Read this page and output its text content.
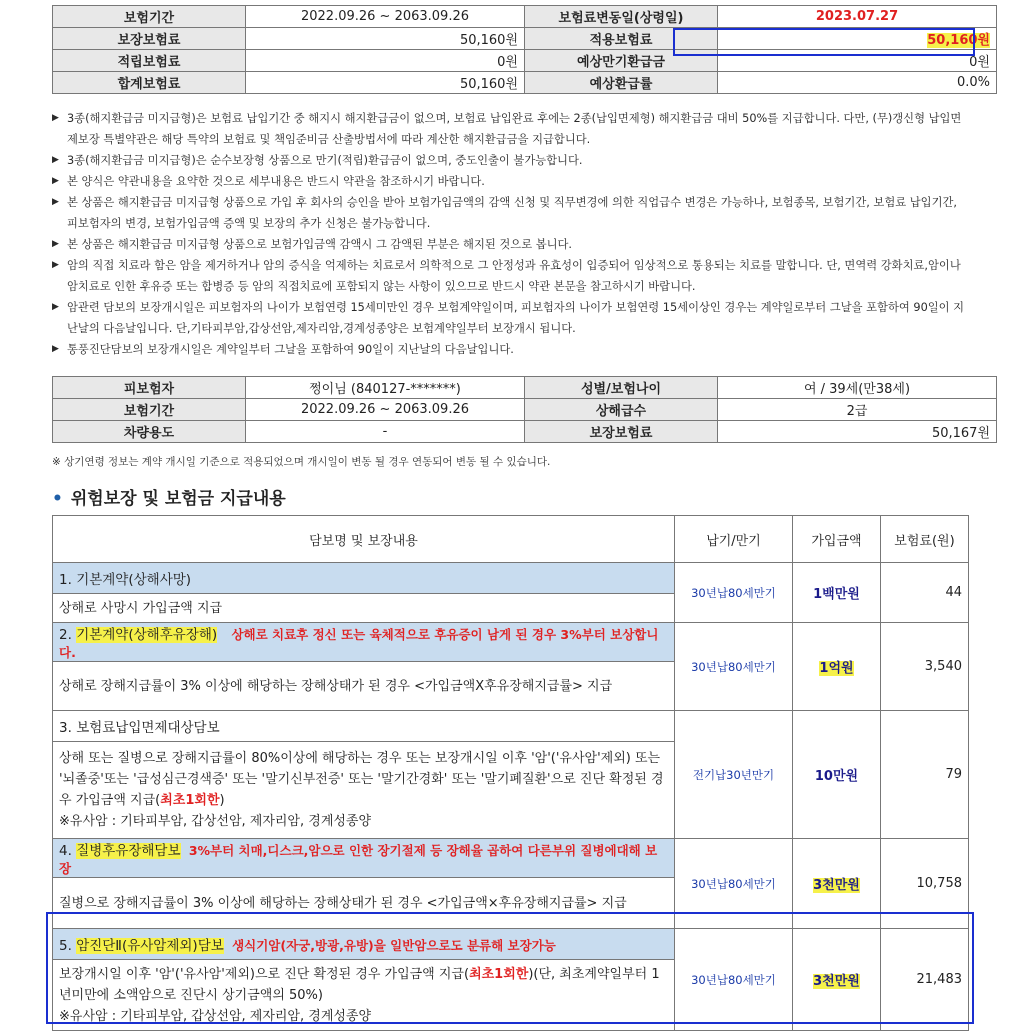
보험기간	2022.09.26 ~ 2063.09.26	보험료변동일(상령일)	2023.07.27
보장보험료	50,160원	적용보험료	50,160원
적립보험료	0원	예상만기환급금	0원
합계보험료	50,160원	예상환급률	0.0%
▶ 3종(해지환급금 미지급형)은 보험료 납입기간 중 해지시 해지환급금이 없으며, 보험료 납입완료 후에는 2종(납입면제형) 해지환급금 대비 50%를 지급합니다. 다만, (무)갱신형 납입면제보장 특별약관은 해당 특약의 보험료 및 책임준비금 산출방법서에 따라 계산한 해지환급금을 지급합니다.
▶ 3종(해지환급금 미지급형)은 순수보장형 상품으로 만기(적립)환급금이 없으며, 중도인출이 불가능합니다.
▶ 본 양식은 약관내용을 요약한 것으로 세부내용은 반드시 약관을 참조하시기 바랍니다.
▶ 본 상품은 해지환급금 미지급형 상품으로 가입 후 회사의 승인을 받아 보험가입금액의 감액 신청 및 직무변경에 의한 직업급수 변경은 가능하나, 보험종목, 보험기간, 보험료 납입기간, 피보험자의 변경, 보험가입금액 증액 및 보장의 추가 신청은 불가능합니다.
▶ 본 상품은 해지환급금 미지급형 상품으로 보험가입금액 감액시 그 감액된 부분은 해지된 것으로 봅니다.
▶ 암의 직접 치료라 함은 암을 제거하거나 암의 증식을 억제하는 치료로서 의학적으로 그 안정성과 유효성이 입증되어 임상적으로 통용되는 치료를 말합니다. 단, 면역력 강화치료,암이나 암치료로 인한 후유증 또는 합병증 등 암의 직접치료에 포함되지 않는 사항이 있으므로 반드시 약관 본문을 참고하시기 바랍니다.
▶ 암관련 담보의 보장개시일은 피보험자의 나이가 보험연령 15세미만인 경우 보험계약일이며, 피보험자의 나이가 보험연령 15세이상인 경우는 계약일로부터 그날을 포함하여 90일이 지난날의 다음날입니다. 단,기타피부암,갑상선암,제자리암,경계성종양은 보험계약일부터 보장개시 됩니다.
▶ 통풍진단담보의 보장개시일은 계약일부터 그날을 포함하여 90일이 지난날의 다음날입니다.
피보험자	쩡이님 (840127-*******)	성별/보험나이	여 / 39세(만38세)
보험기간	2022.09.26 ~ 2063.09.26	상해급수	2급
차량용도	-	보장보험료	50,167원
※ 상기연령 정보는 계약 개시일 기준으로 적용되었으며 개시일이 변동 될 경우 연동되어 변동 될 수 있습니다.
• 위험보장 및 보험금 지급내용
담보명 및 보장내용	납기/만기	가입금액	보험료(원)
1. 기본계약(상해사망)	30년납80세만기	1백만원	44
상해로 사망시 가입금액 지급			
2. 기본계약(상해후유장해) 상해로 치료후 정신 또는 육체적으로 후유증이 남게 된 경우 3%부터 보상합니다.	30년납80세만기	1억원	3,540
상해로 장해지급률이 3% 이상에 해당하는 장해상태가 된 경우 <가입금액X후유장해지급률> 지급			
3. 보험료납입면제대상담보	전기납30년만기	10만원	79
상해 또는 질병으로 장해지급률이 80%이상에 해당하는 경우 또는 보장개시일 이후 '암'('유사암'제외) 또는 '뇌졸중'또는 '급성심근경색증' 또는 '말기신부전증' 또는 '말기간경화' 또는 '말기폐질환'으로 진단 확정된 경우 가입금액 지급(최초1회한)
※유사암 : 기타피부암, 갑상선암, 제자리암, 경계성종양			
4. 질병후유장해담보 3%부터 치매,디스크,암으로 인한 장기절제 등 장해율 곱하여 다른부위 질병에대해 보장	30년납80세만기	3천만원	10,758
질병으로 장해지급률이 3% 이상에 해당하는 장해상태가 된 경우 <가입금액×후유장해지급률> 지급			
5. 암진단Ⅱ(유사암제외)담보 생식기암(자궁,방광,유방)을 일반암으로도 분류해 보장가능	30년납80세만기	3천만원	21,483
보장개시일 이후 '암'('유사암'제외)으로 진단 확정된 경우 가입금액 지급(최초1회한)(단, 최초계약일부터 1년미만에 소액암으로 진단시 상기금액의 50%)
※유사암 : 기타피부암, 갑상선암, 제자리암, 경계성종양			
